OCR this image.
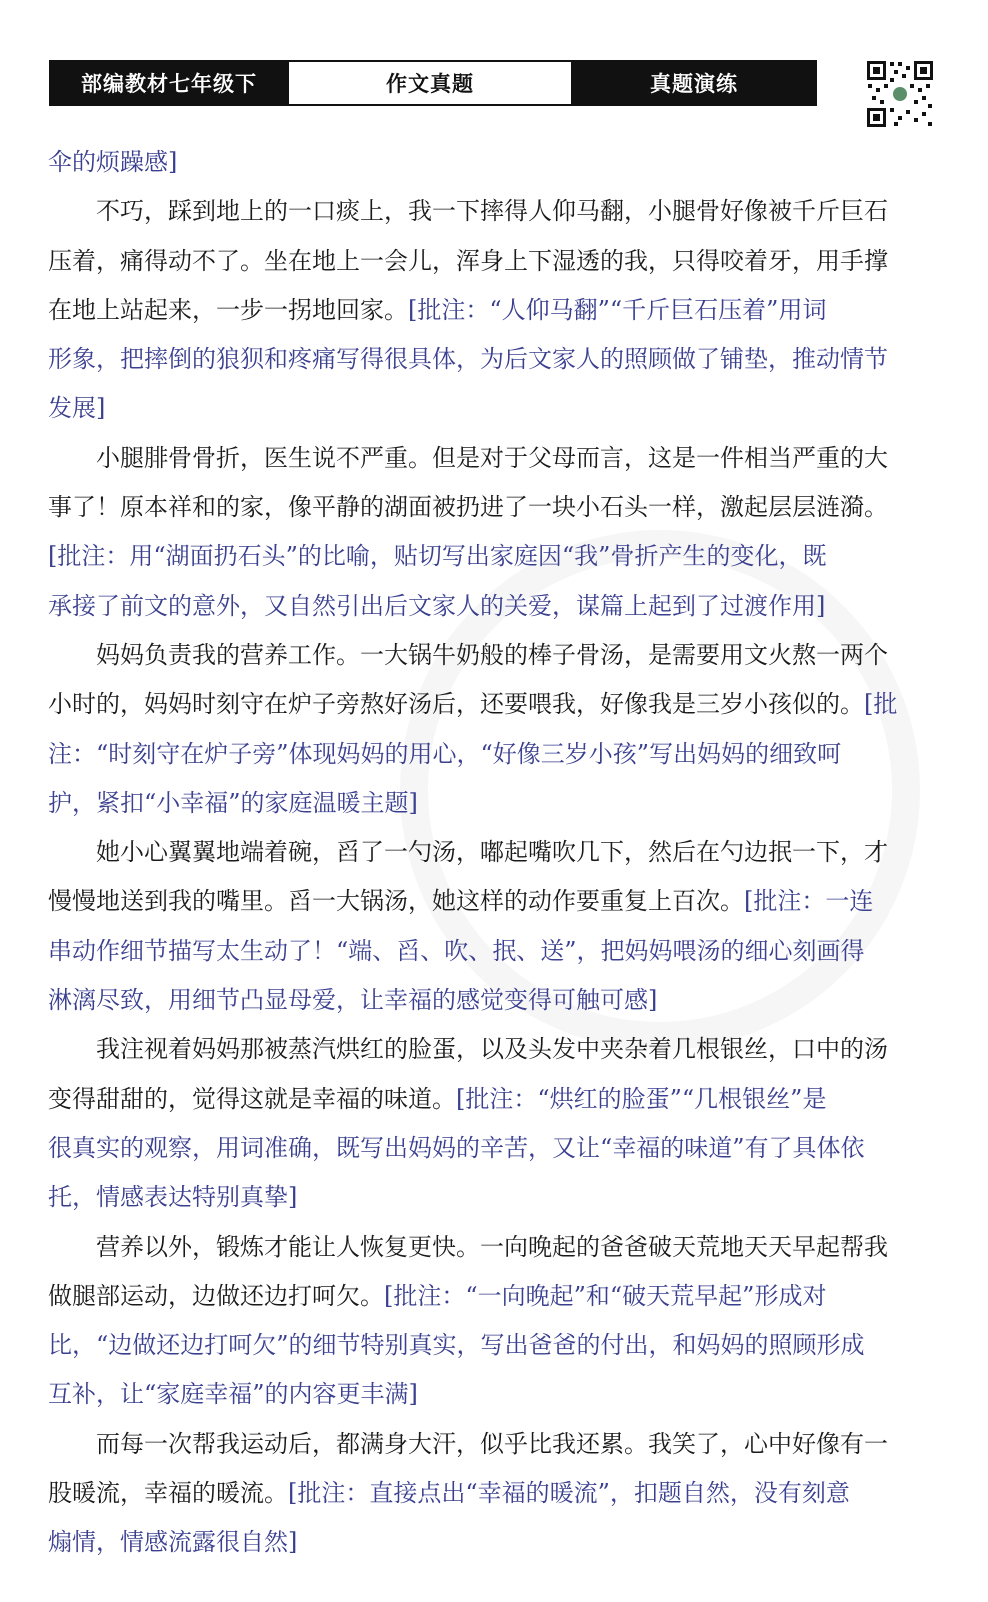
部编教材七年级下	作文真题	真题演练
伞的烦躁感]
不巧，踩到地上的一口痰上，我一下摔得人仰马翻，小腿骨好像被千斤巨石
压着，痛得动不了。坐在地上一会儿，浑身上下湿透的我，只得咬着牙，用手撑
在地上站起来，一步一拐地回家。[批注：“人仰马翻”“千斤巨石压着”用词
形象，把摔倒的狼狈和疼痛写得很具体，为后文家人的照顾做了铺垫，推动情节
发展]
小腿腓骨骨折，医生说不严重。但是对于父母而言，这是一件相当严重的大
事了！原本祥和的家，像平静的湖面被扔进了一块小石头一样，激起层层涟漪。
[批注：用“湖面扔石头”的比喻，贴切写出家庭因“我”骨折产生的变化，既
承接了前文的意外，又自然引出后文家人的关爱，谋篇上起到了过渡作用]
妈妈负责我的营养工作。一大锅牛奶般的棒子骨汤，是需要用文火熬一两个
小时的，妈妈时刻守在炉子旁熬好汤后，还要喂我，好像我是三岁小孩似的。[批
注：“时刻守在炉子旁”体现妈妈的用心，“好像三岁小孩”写出妈妈的细致呵
护，紧扣“小幸福”的家庭温暖主题]
她小心翼翼地端着碗，舀了一勺汤，嘟起嘴吹几下，然后在勺边抿一下，才
慢慢地送到我的嘴里。舀一大锅汤，她这样的动作要重复上百次。[批注：一连
串动作细节描写太生动了！“端、舀、吹、抿、送”，把妈妈喂汤的细心刻画得
淋漓尽致，用细节凸显母爱，让幸福的感觉变得可触可感]
我注视着妈妈那被蒸汽烘红的脸蛋，以及头发中夹杂着几根银丝，口中的汤
变得甜甜的，觉得这就是幸福的味道。[批注：“烘红的脸蛋”“几根银丝”是
很真实的观察，用词准确，既写出妈妈的辛苦，又让“幸福的味道”有了具体依
托，情感表达特别真挚]
营养以外，锻炼才能让人恢复更快。一向晚起的爸爸破天荒地天天早起帮我
做腿部运动，边做还边打呵欠。[批注：“一向晚起”和“破天荒早起”形成对
比，“边做还边打呵欠”的细节特别真实，写出爸爸的付出，和妈妈的照顾形成
互补，让“家庭幸福”的内容更丰满]
而每一次帮我运动后，都满身大汗，似乎比我还累。我笑了，心中好像有一
股暖流，幸福的暖流。[批注：直接点出“幸福的暖流”，扣题自然，没有刻意
煽情，情感流露很自然]
